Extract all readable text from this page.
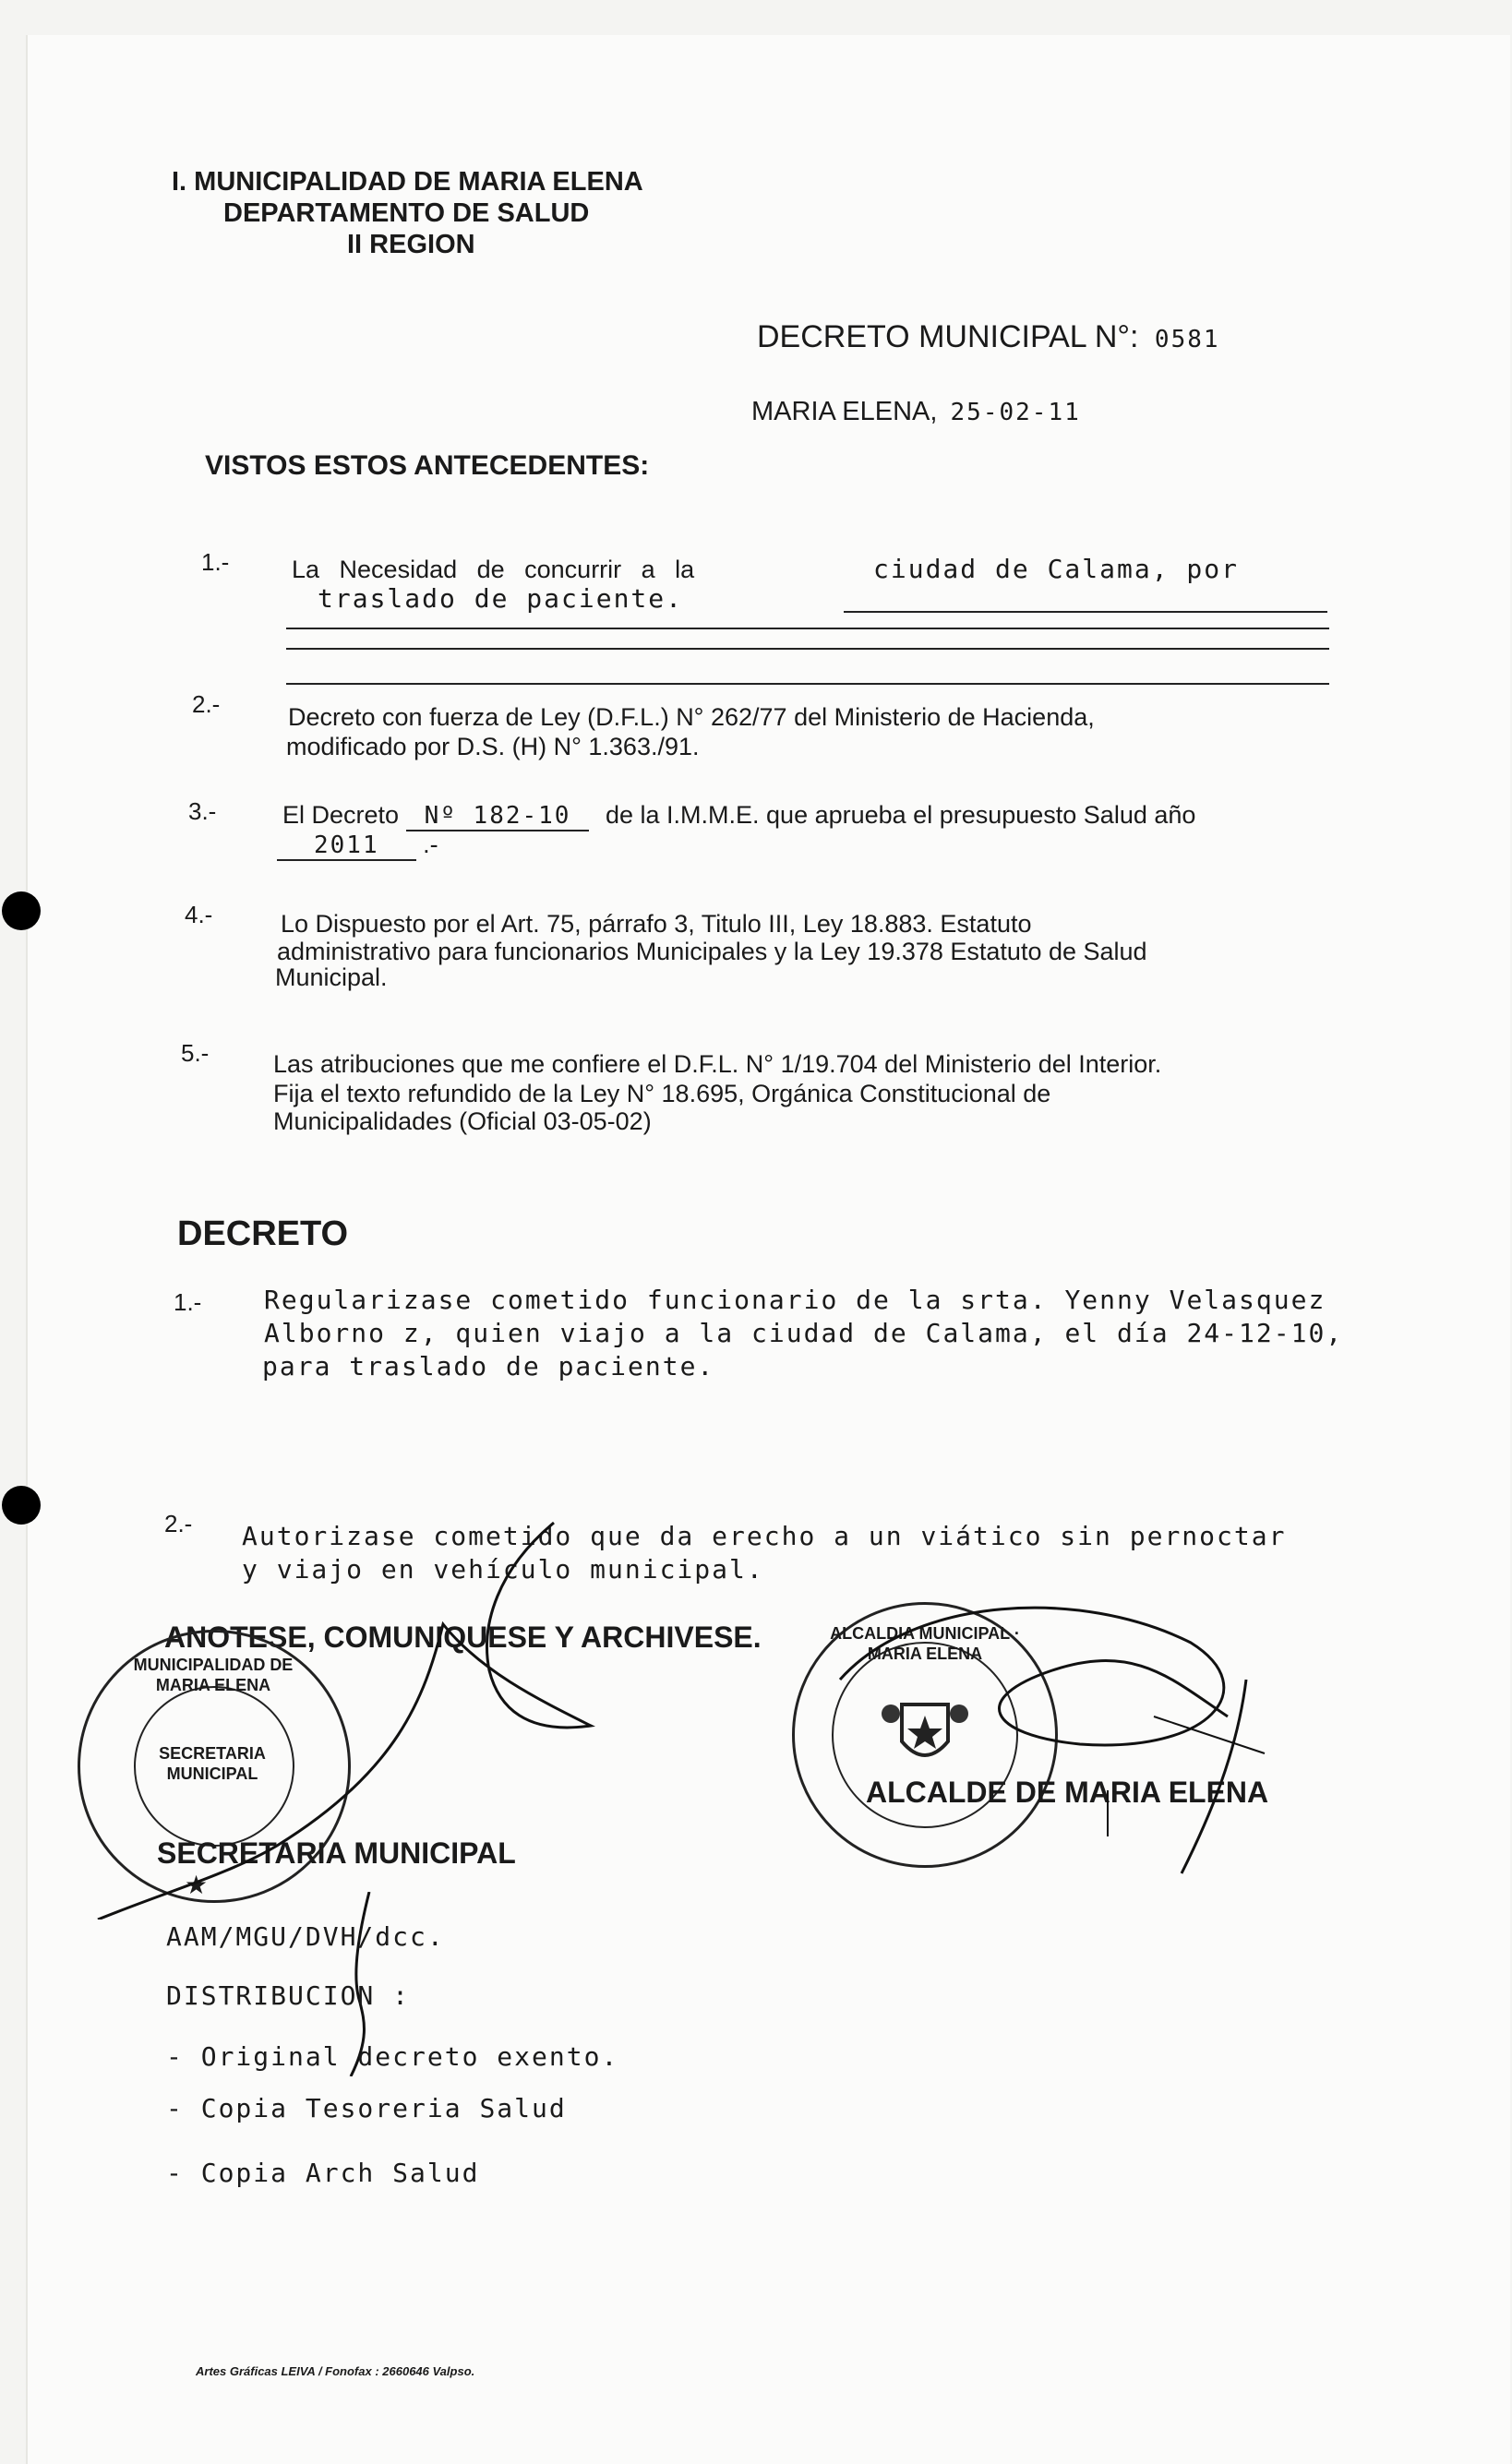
I. MUNICIPALIDAD DE MARIA ELENA
DEPARTAMENTO DE SALUD
II REGION
DECRETO MUNICIPAL N°: 0581
MARIA ELENA, 25-02-11
VISTOS ESTOS ANTECEDENTES:
1.-	La Necesidad de concurrir a la	ciudad de Calama, por
traslado de paciente.
2.-	Decreto con fuerza de Ley (D.F.L.) N° 262/77 del Ministerio de Hacienda,
modificado por D.S. (H) N° 1.363./91.
3.-	El Decreto Nº 182-10 de la I.M.M.E. que aprueba el presupuesto Salud año
2011 .-
4.-	Lo Dispuesto por el Art. 75, párrafo 3, Titulo III, Ley 18.883. Estatuto
administrativo para funcionarios Municipales y la Ley 19.378 Estatuto de Salud
Municipal.
5.-	Las atribuciones que me confiere el D.F.L. N° 1/19.704 del Ministerio del Interior.
Fija el texto refundido de la Ley N° 18.695, Orgánica Constitucional de
Municipalidades (Oficial 03-05-02)
DECRETO
1.- Regularizase cometido funcionario de la srta. Yenny Velasquez
Alborno z, quien viajo a la ciudad de Calama, el día 24-12-10,
para traslado de paciente.
2.- Autorizase cometido que da erecho a un viático sin pernoctar
y viajo en vehículo municipal.
ANOTESE, COMUNIQUESE Y ARCHIVESE.
MUNICIPALIDAD DE MARIA ELENA
SECRETARIA MUNICIPAL
SECRETARIA MUNICIPAL
★
ALCALDIA MUNICIPAL · MARIA ELENA
ALCALDE DE MARIA ELENA
AAM/MGU/DVH/dcc.
DISTRIBUCION :
- Original decreto exento.
- Copia Tesoreria Salud
- Copia Arch Salud
Artes Gráficas LEIVA / Fonofax : 2660646 Valpso.
